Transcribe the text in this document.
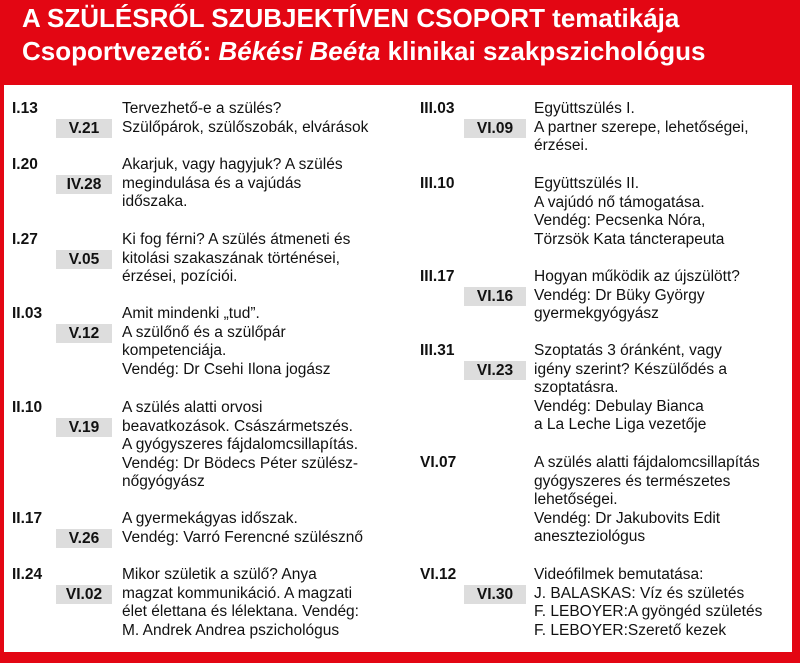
A SZÜLÉSRŐL SZUBJEKTÍVEN CSOPORT tematikája
Csoportvezető: Békési Beéta klinikai szakpszichológus
I.13
V.21
Tervezhető-e a szülés?
Szülőpárok, szülőszobák, elvárások
I.20
IV.28
Akarjuk, vagy hagyjuk? A szülés
megindulása és a vajúdás
időszaka.
I.27
V.05
Ki fog férni? A szülés átmeneti és
kitolási szakaszának történései,
érzései, pozíciói.
II.03
V.12
Amit mindenki „tud”.
A szülőnő és a szülőpár
kompetenciája.
Vendég: Dr Csehi Ilona jogász
II.10
V.19
A szülés alatti orvosi
beavatkozások. Császármetszés.
A gyógyszeres fájdalomcsillapítás.
Vendég: Dr Bödecs Péter szülész-
nőgyógyász
II.17
V.26
A gyermekágyas időszak.
Vendég: Varró Ferencné szülésznő
II.24
VI.02
Mikor születik a szülő? Anya
magzat kommunikáció. A magzati
élet élettana és lélektana. Vendég:
M. Andrek Andrea pszichológus
III.03
VI.09
Együttszülés I.
A partner szerepe, lehetőségei,
érzései.
III.10	Együttszülés II.
A vajúdó nő támogatása.
Vendég: Pecsenka Nóra,
Törzsök Kata táncterapeuta
III.17
VI.16
Hogyan működik az újszülött?
Vendég: Dr Büky György
gyermekgyógyász
III.31
VI.23
Szoptatás 3 óránként, vagy
igény szerint? Készülődés a
szoptatásra.
Vendég: Debulay Bianca
a La Leche Liga vezetője
VI.07	A szülés alatti fájdalomcsillapítás
gyógyszeres és természetes
lehetőségei.
Vendég: Dr Jakubovits Edit
aneszteziológus
VI.12
VI.30
Videófilmek bemutatása:
J. BALASKAS: Víz és születés
F. LEBOYER:A gyöngéd születés
F. LEBOYER:Szerető kezek
